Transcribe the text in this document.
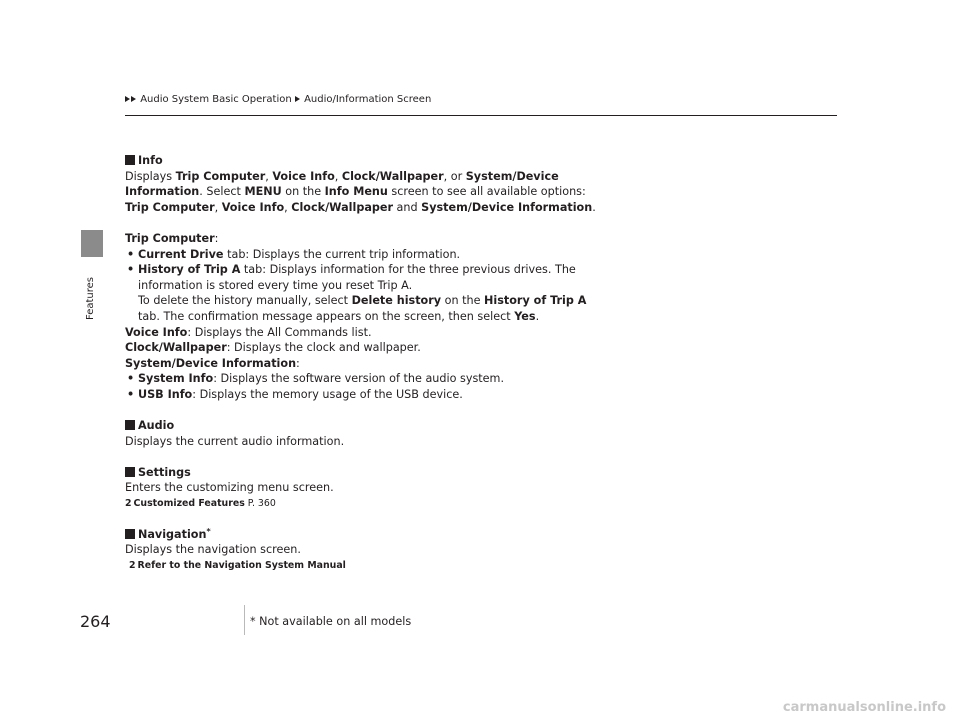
Audio System Basic Operation Audio/Information Screen
Features

Info

Displays Trip Computer, Voice Info, Clock/Wallpaper, or System/Device

Information. Select MENU on the Info Menu screen to see all available options:

Trip Computer, Voice Info, Clock/Wallpaper and System/Device Information.

Trip Computer:

• Current Drive tab: Displays the current trip information.

• History of Trip A tab: Displays information for the three previous drives. The

information is stored every time you reset Trip A.

To delete the history manually, select Delete history on the History of Trip A

tab. The confirmation message appears on the screen, then select Yes.

Voice Info: Displays the All Commands list.

Clock/Wallpaper: Displays the clock and wallpaper.

System/Device Information:

• System Info: Displays the software version of the audio system.

• USB Info: Displays the memory usage of the USB device.

Audio

Displays the current audio information.

Settings

Enters the customizing menu screen.

2 Customized Features P. 360

Navigation*

Displays the navigation screen.

2 Refer to the Navigation System Manual

264	* Not available on all models
carmanualsonline.info
